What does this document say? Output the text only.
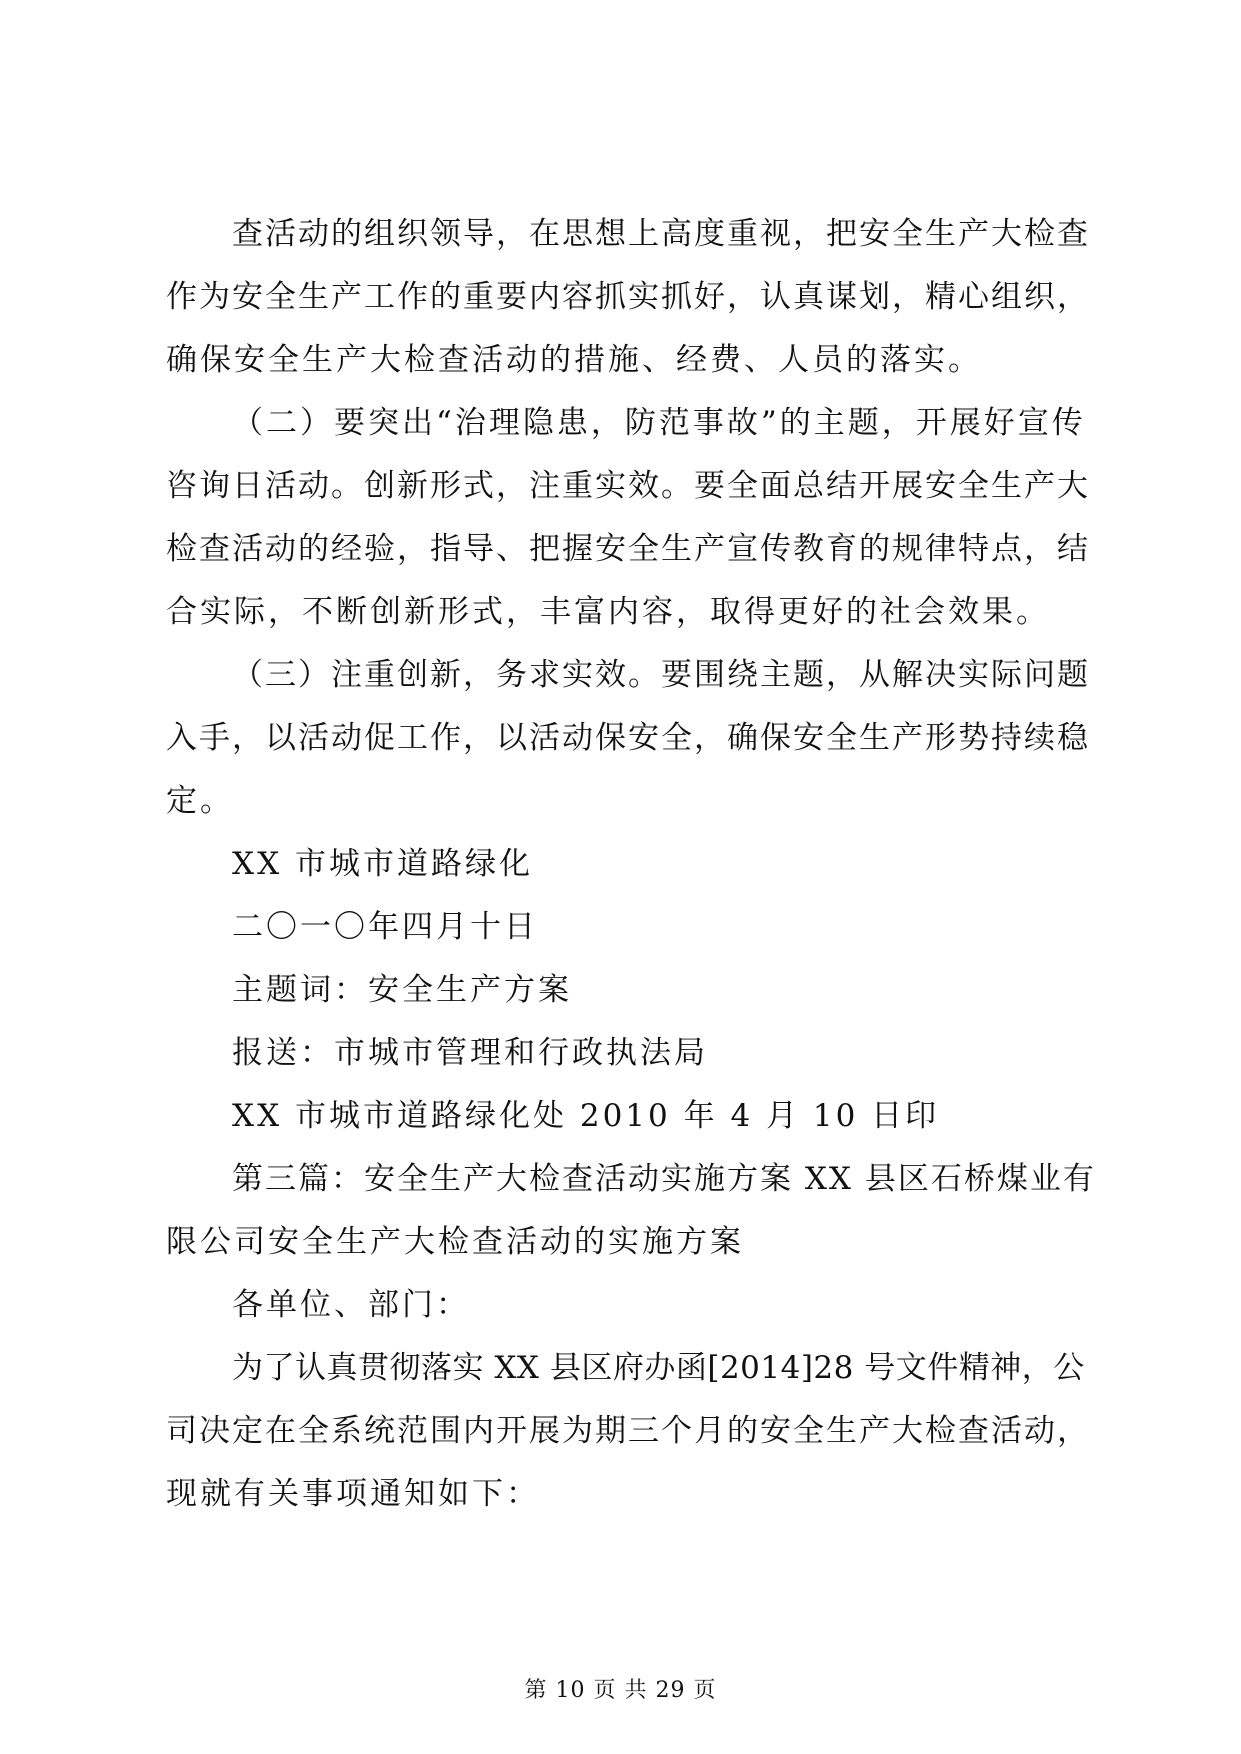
查活动的组织领导，在思想上高度重视，把安全生产大检查
作为安全生产工作的重要内容抓实抓好，认真谋划，精心组织，
确保安全生产大检查活动的措施、经费、人员的落实。
（二）要突出“治理隐患，防范事故”的主题，开展好宣传
咨询日活动。创新形式，注重实效。要全面总结开展安全生产大
检查活动的经验，指导、把握安全生产宣传教育的规律特点，结
合实际，不断创新形式，丰富内容，取得更好的社会效果。
（三）注重创新，务求实效。要围绕主题，从解决实际问题
入手，以活动促工作，以活动保安全，确保安全生产形势持续稳
定。
XX 市城市道路绿化
二〇一〇年四月十日
主题词：安全生产方案
报送：市城市管理和行政执法局
XX 市城市道路绿化处 2010 年 4 月 10 日印
第三篇：安全生产大检查活动实施方案 XX 县区石桥煤业有
限公司安全生产大检查活动的实施方案
各单位、部门：
为了认真贯彻落实 XX 县区府办函[2014]28 号文件精神，公
司决定在全系统范围内开展为期三个月的安全生产大检查活动，
现就有关事项通知如下：
第 10 页 共 29 页
